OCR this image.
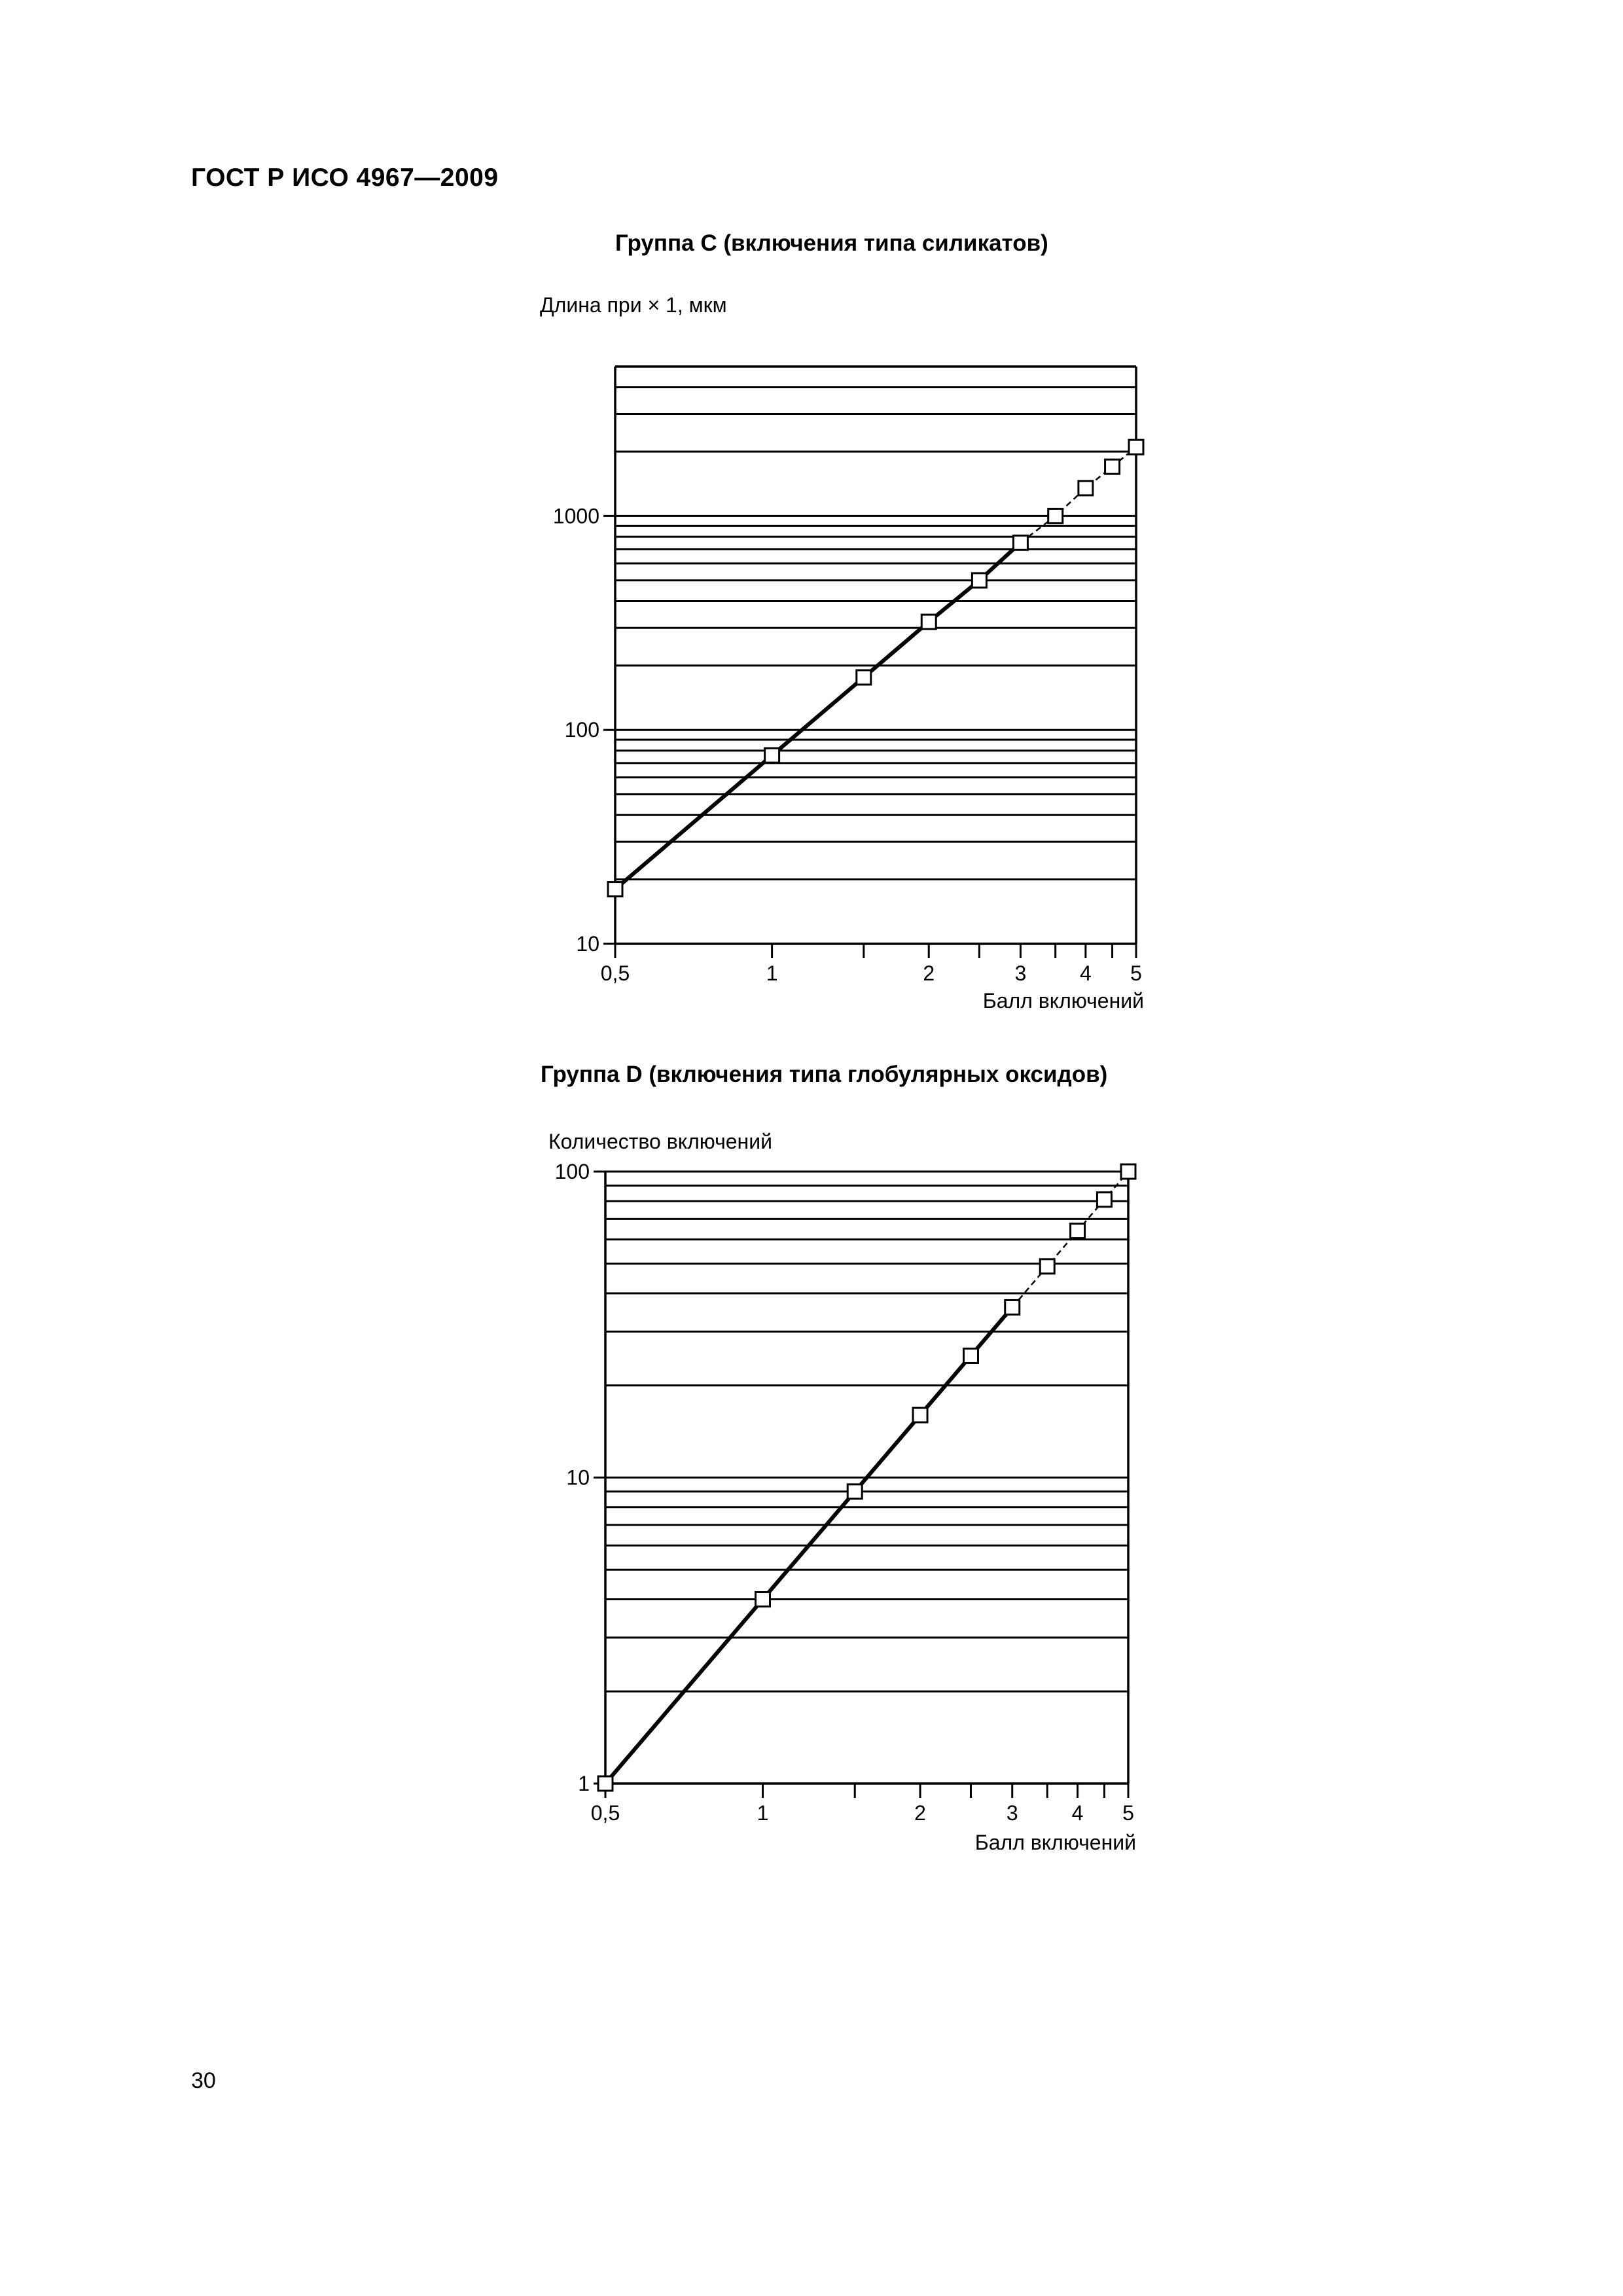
ГОСТ Р ИСО 4967—2009
Группа C (включения типа силикатов)
Длина при × 1, мкм
Группа D (включения типа глобулярных оксидов)
Количество включений
10
100
1000
0,5	1	2	3	4 5
Балл включений
1
10
100
0,5	1	2	3	4 5
Балл включений
30
